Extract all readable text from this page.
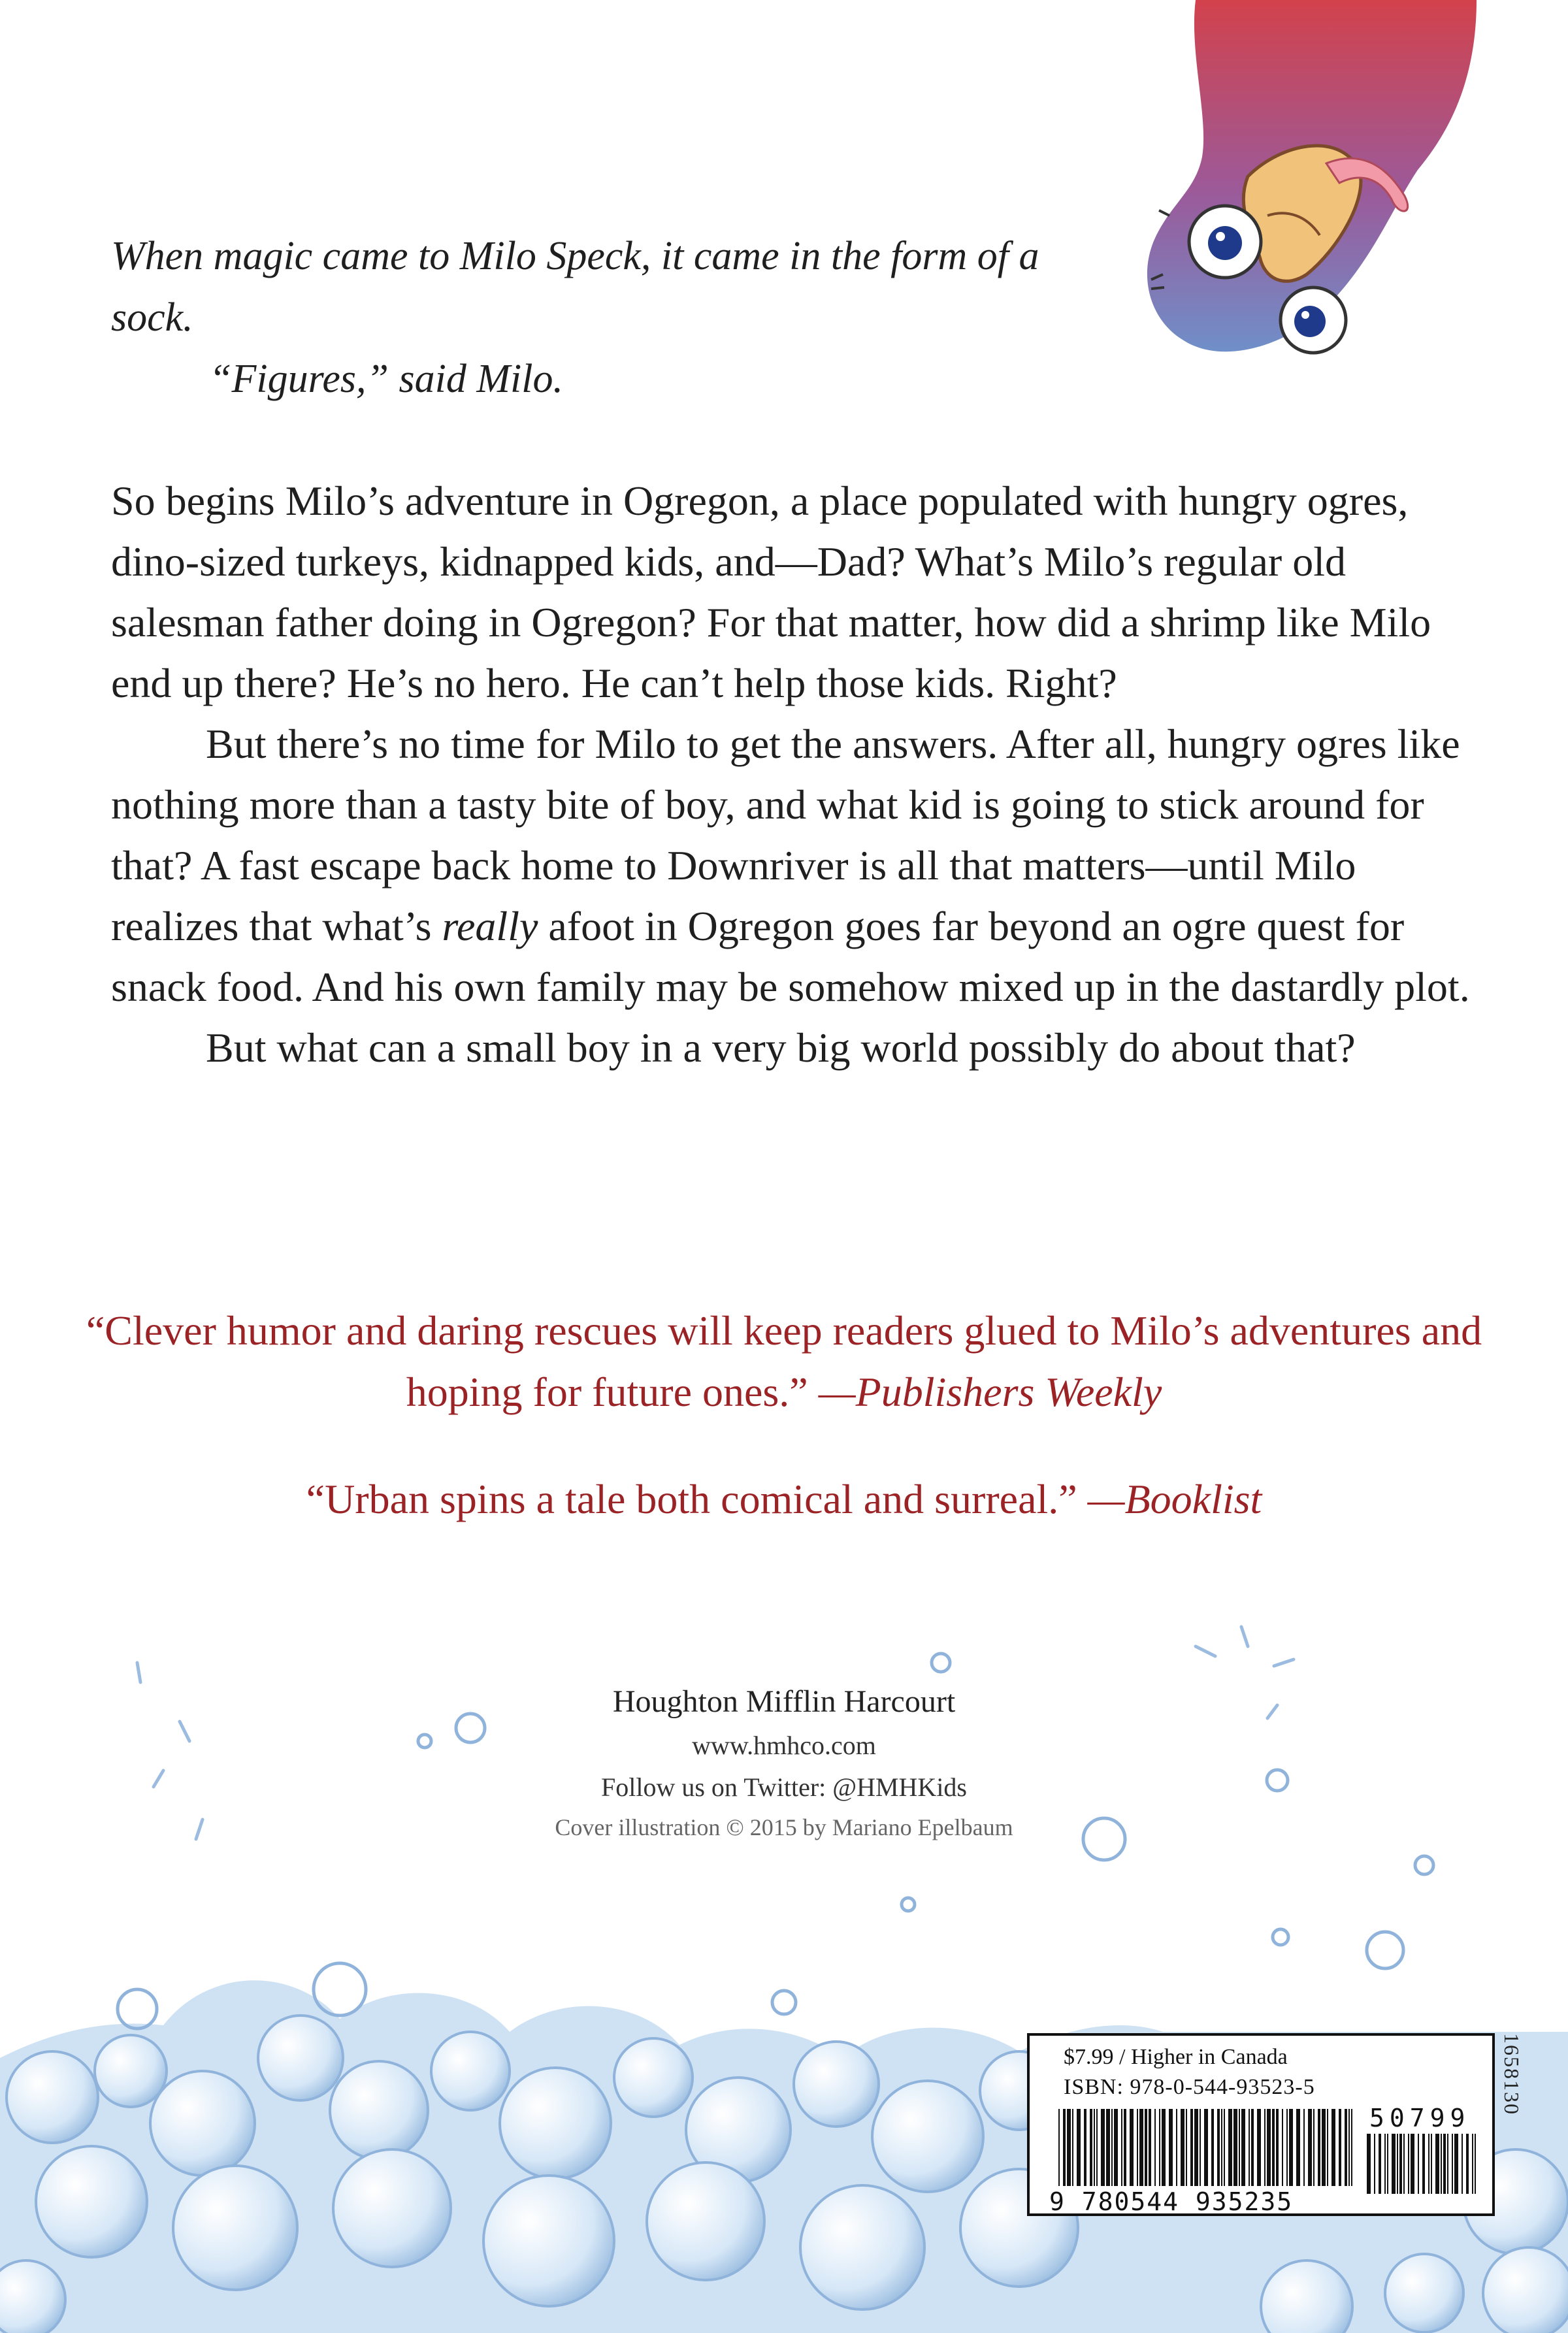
When magic came to Milo Speck, it came in the form of a sock.

“Figures,” said Milo.

So begins Milo’s adventure in Ogregon, a place populated with hungry ogres, dino-sized turkeys, kidnapped kids, and—Dad? What’s Milo’s regular old salesman father doing in Ogregon? For that matter, how did a shrimp like Milo end up there? He’s no hero. He can’t help those kids. Right?

But there’s no time for Milo to get the answers. After all, hungry ogres like nothing more than a tasty bite of boy, and what kid is going to stick around for that? A fast escape back home to Downriver is all that matters—until Milo realizes that what’s really afoot in Ogregon goes far beyond an ogre quest for snack food. And his own family may be somehow mixed up in the dastardly plot.

But what can a small boy in a very big world possibly do about that?

“Clever humor and daring rescues will keep readers glued to Milo’s adventures and hoping for future ones.” —Publishers Weekly

“Urban spins a tale both comical and surreal.” —Booklist

Houghton Mifflin Harcourt
www.hmhco.com
Follow us on Twitter: @HMHKids
Cover illustration © 2015 by Mariano Epelbaum
$7.99 / Higher in Canada
ISBN: 978-0-544-93523-5
9 780544 935235
50799
1658130
